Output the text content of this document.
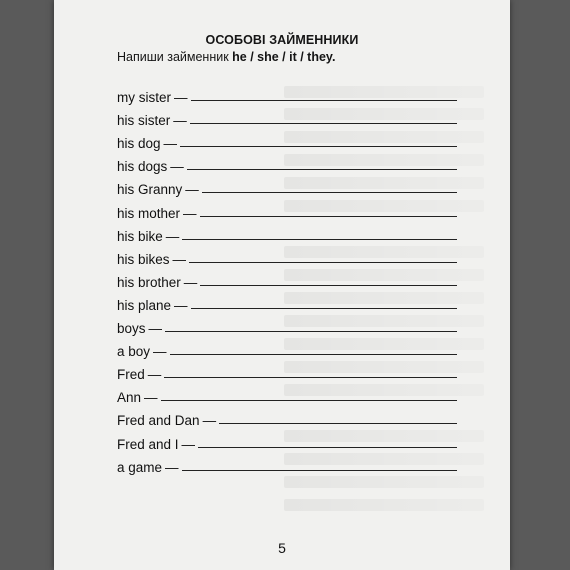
ОСОБОВІ ЗАЙМЕННИКИ
Напиши займенник he / she / it / they.
my sister —
his sister —
his dog —
his dogs —
his Granny —
his mother —
his bike —
his bikes —
his brother —
his plane —
boys —
a boy —
Fred —
Ann —
Fred and Dan —
Fred and I —
a game —
5
